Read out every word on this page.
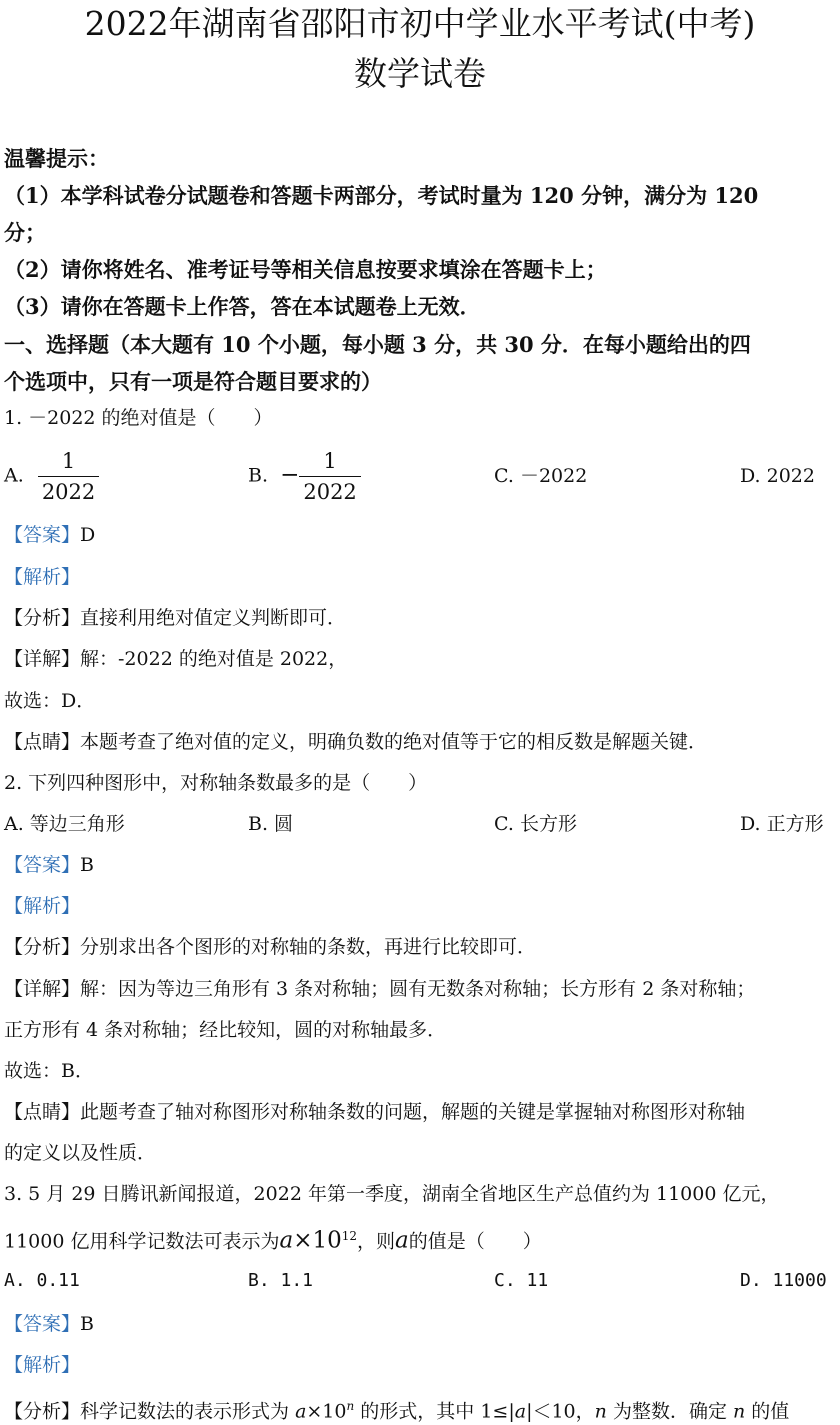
2022年湖南省邵阳市初中学业水平考试(中考)
数学试卷
温馨提示：
（1）本学科试卷分试题卷和答题卡两部分，考试时量为 120 分钟，满分为 120
分；
（2）请你将姓名、准考证号等相关信息按要求填涂在答题卡上；
（3）请你在答题卡上作答，答在本试题卷上无效．
一、选择题（本大题有 10 个小题，每小题 3 分，共 30 分．在每小题给出的四
个选项中，只有一项是符合题目要求的）
1. －2022 的绝对值是（　　）
A. $\frac{1}{2022}$	B. − $\frac{1}{2022}$	C. －2022	D. 2022
【答案】D
【解析】
【分析】直接利用绝对值定义判断即可．
【详解】解：-2022 的绝对值是 2022，
故选：D．
【点睛】本题考查了绝对值的定义，明确负数的绝对值等于它的相反数是解题关键．
2. 下列四种图形中，对称轴条数最多的是（　　）
A. 等边三角形	B. 圆	C. 长方形	D. 正方形
【答案】B
【解析】
【分析】分别求出各个图形的对称轴的条数，再进行比较即可．
【详解】解：因为等边三角形有 3 条对称轴；圆有无数条对称轴；长方形有 2 条对称轴；
正方形有 4 条对称轴；经比较知，圆的对称轴最多．
故选：B．
【点睛】此题考查了轴对称图形对称轴条数的问题，解题的关键是掌握轴对称图形对称轴
的定义以及性质．
3. 5 月 29 日腾讯新闻报道，2022 年第一季度，湖南全省地区生产总值约为 11000 亿元，
11000 亿用科学记数法可表示为$a\times 10^{12}$，则a的值是（　　）
A. 0.11	B. 1.1	C. 11	D. 11000
【答案】B
【解析】
【分析】科学记数法的表示形式为 $a\times 10^n$ 的形式，其中 1≤|a|＜10，n 为整数．确定 n 的值
